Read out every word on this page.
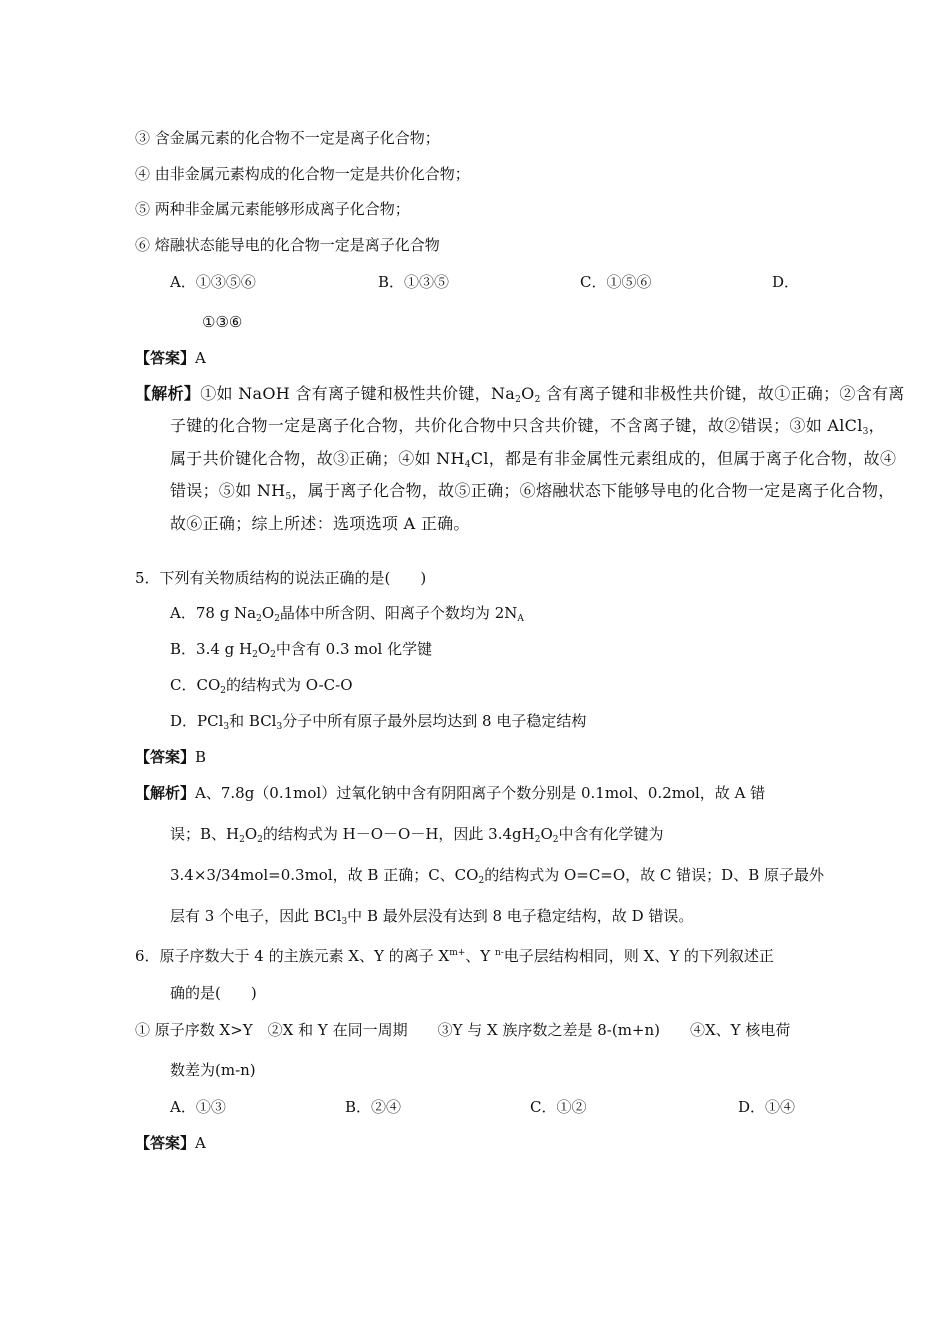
③ 含金属元素的化合物不一定是离子化合物；
④ 由非金属元素构成的化合物一定是共价化合物；
⑤ 两种非金属元素能够形成离子化合物；
⑥ 熔融状态能导电的化合物一定是离子化合物
A．①③⑤⑥	B．①③⑤	C．①⑤⑥	D．
①③⑥
【答案】A
【解析】①如 NaOH 含有离子键和极性共价键，$Na_2O_2$ 含有离子键和非极性共价键，故①正确；②含有离
子键的化合物一定是离子化合物，共价化合物中只含共价键，不含离子键，故②错误；③如 AlCl$_3$，
属于共价键化合物，故③正确；④如 $NH_4Cl$，都是有非金属性元素组成的，但属于离子化合物，故④
错误；⑤如 $NH_5$，属于离子化合物，故⑤正确；⑥熔融状态下能够导电的化合物一定是离子化合物，
故⑥正确；综上所述：选项选项 A 正确。
5．下列有关物质结构的说法正确的是(　　)
A．78 g $Na_2O_2$晶体中所含阴、阳离子个数均为 $2N_A$
B．3.4 g $H_2O_2$中含有 0.3 mol 化学键
C．$CO_2$的结构式为 O-C-O
D．PCl$_3$和 BCl$_3$分子中所有原子最外层均达到 8 电子稳定结构
【答案】B
【解析】A、7.8g（0.1mol）过氧化钠中含有阴阳离子个数分别是 0.1mol、0.2mol，故 A 错
误；B、$H_2O_2$的结构式为 H－O－O－H，因此 $3.4gH_2O_2$中含有化学键为
3.4×3/34mol=0.3mol，故 B 正确；C、$CO_2$的结构式为 O=C=O，故 C 错误；D、B 原子最外
层有 3 个电子，因此 BCl$_3$中 B 最外层没有达到 8 电子稳定结构，故 D 错误。
6．原子序数大于 4 的主族元素 X、Y 的离子 $X^{m+}$、Y $^{n-}$电子层结构相同，则 X、Y 的下列叙述正
确的是(　　)
① 原子序数 X>Y　②X 和 Y 在同一周期　　③Y 与 X 族序数之差是 8-(m+n)　　④X、Y 核电荷
数差为(m-n)
A．①③	B．②④	C．①②	D．①④
【答案】A
